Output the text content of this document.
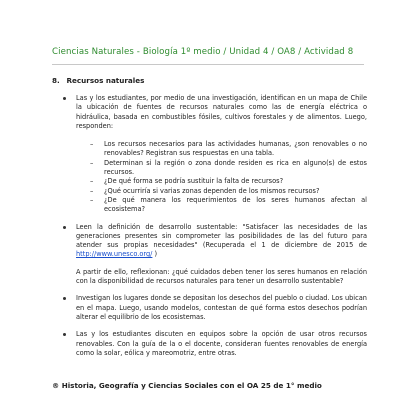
Ciencias Naturales - Biología 1º medio / Unidad 4 / OA8 / Actividad 8
8. Recursos naturales

Las y los estudiantes, por medio de una investigación, identifican en un mapa de Chile la ubicación de fuentes de recursos naturales como las de energía eléctrica o hidráulica, basada en combustibles fósiles, cultivos forestales y de alimentos. Luego, responden:

– Los recursos necesarios para las actividades humanas, ¿son renovables o no renovables? Registran sus respuestas en una tabla.
– Determinan si la región o zona donde residen es rica en alguno(s) de estos recursos.
– ¿De qué forma se podría sustituir la falta de recursos?
– ¿Qué ocurriría si varias zonas dependen de los mismos recursos?
– ¿De qué manera los requerimientos de los seres humanos afectan al ecosistema?

Leen la definición de desarrollo sustentable: "Satisfacer las necesidades de las generaciones presentes sin comprometer las posibilidades de las del futuro para atender sus propias necesidades" (Recuperada el 1 de diciembre de 2015 de http://www.unesco.org/ )

A partir de ello, reflexionan: ¿qué cuidados deben tener los seres humanos en relación con la disponibilidad de recursos naturales para tener un desarrollo sustentable?

Investigan los lugares donde se depositan los desechos del pueblo o ciudad. Los ubican en el mapa. Luego, usando modelos, contestan de qué forma estos desechos podrían alterar el equilibrio de los ecosistemas.

Las y los estudiantes discuten en equipos sobre la opción de usar otros recursos renovables. Con la guía de la o el docente, consideran fuentes renovables de energía como la solar, eólica y mareomotriz, entre otras.

® Historia, Geografía y Ciencias Sociales con el OA 25 de 1° medio
